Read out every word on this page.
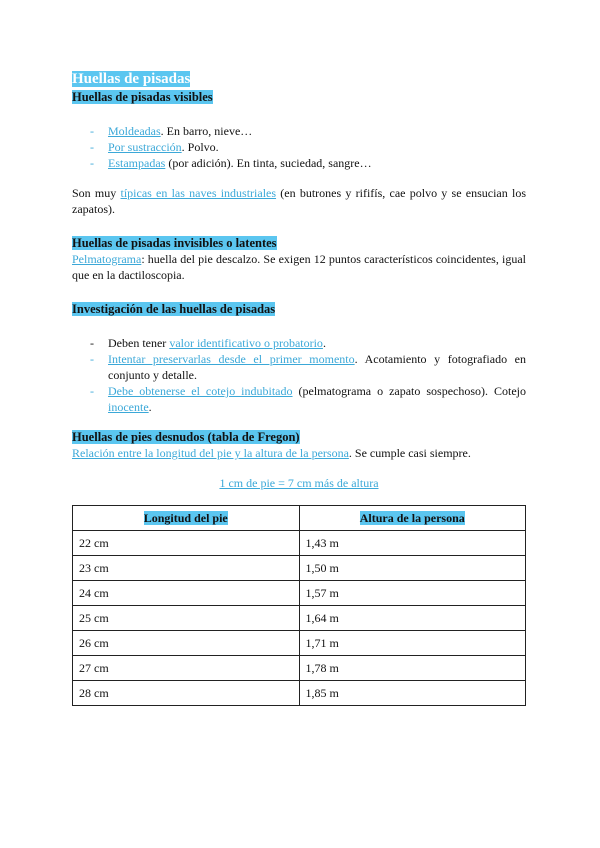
Huellas de pisadas
Huellas de pisadas visibles
- Moldeadas. En barro, nieve…
- Por sustracción. Polvo.
- Estampadas (por adición). En tinta, suciedad, sangre…

Son muy típicas en las naves industriales (en butrones y rififís, cae polvo y se ensucian los zapatos).

Huellas de pisadas invisibles o latentes

Pelmatograma: huella del pie descalzo. Se exigen 12 puntos característicos coincidentes, igual que en la dactiloscopia.

Investigación de las huellas de pisadas
- Deben tener valor identificativo o probatorio.
- Intentar preservarlas desde el primer momento. Acotamiento y fotografiado en conjunto y detalle.
- Debe obtenerse el cotejo indubitado (pelmatograma o zapato sospechoso). Cotejo inocente.
Huellas de pies desnudos (tabla de Fregon)

Relación entre la longitud del pie y la altura de la persona. Se cumple casi siempre.

1 cm de pie = 7 cm más de altura

Longitud del pie	Altura de la persona
22 cm	1,43 m
23 cm	1,50 m
24 cm	1,57 m
25 cm	1,64 m
26 cm	1,71 m
27 cm	1,78 m
28 cm	1,85 m
